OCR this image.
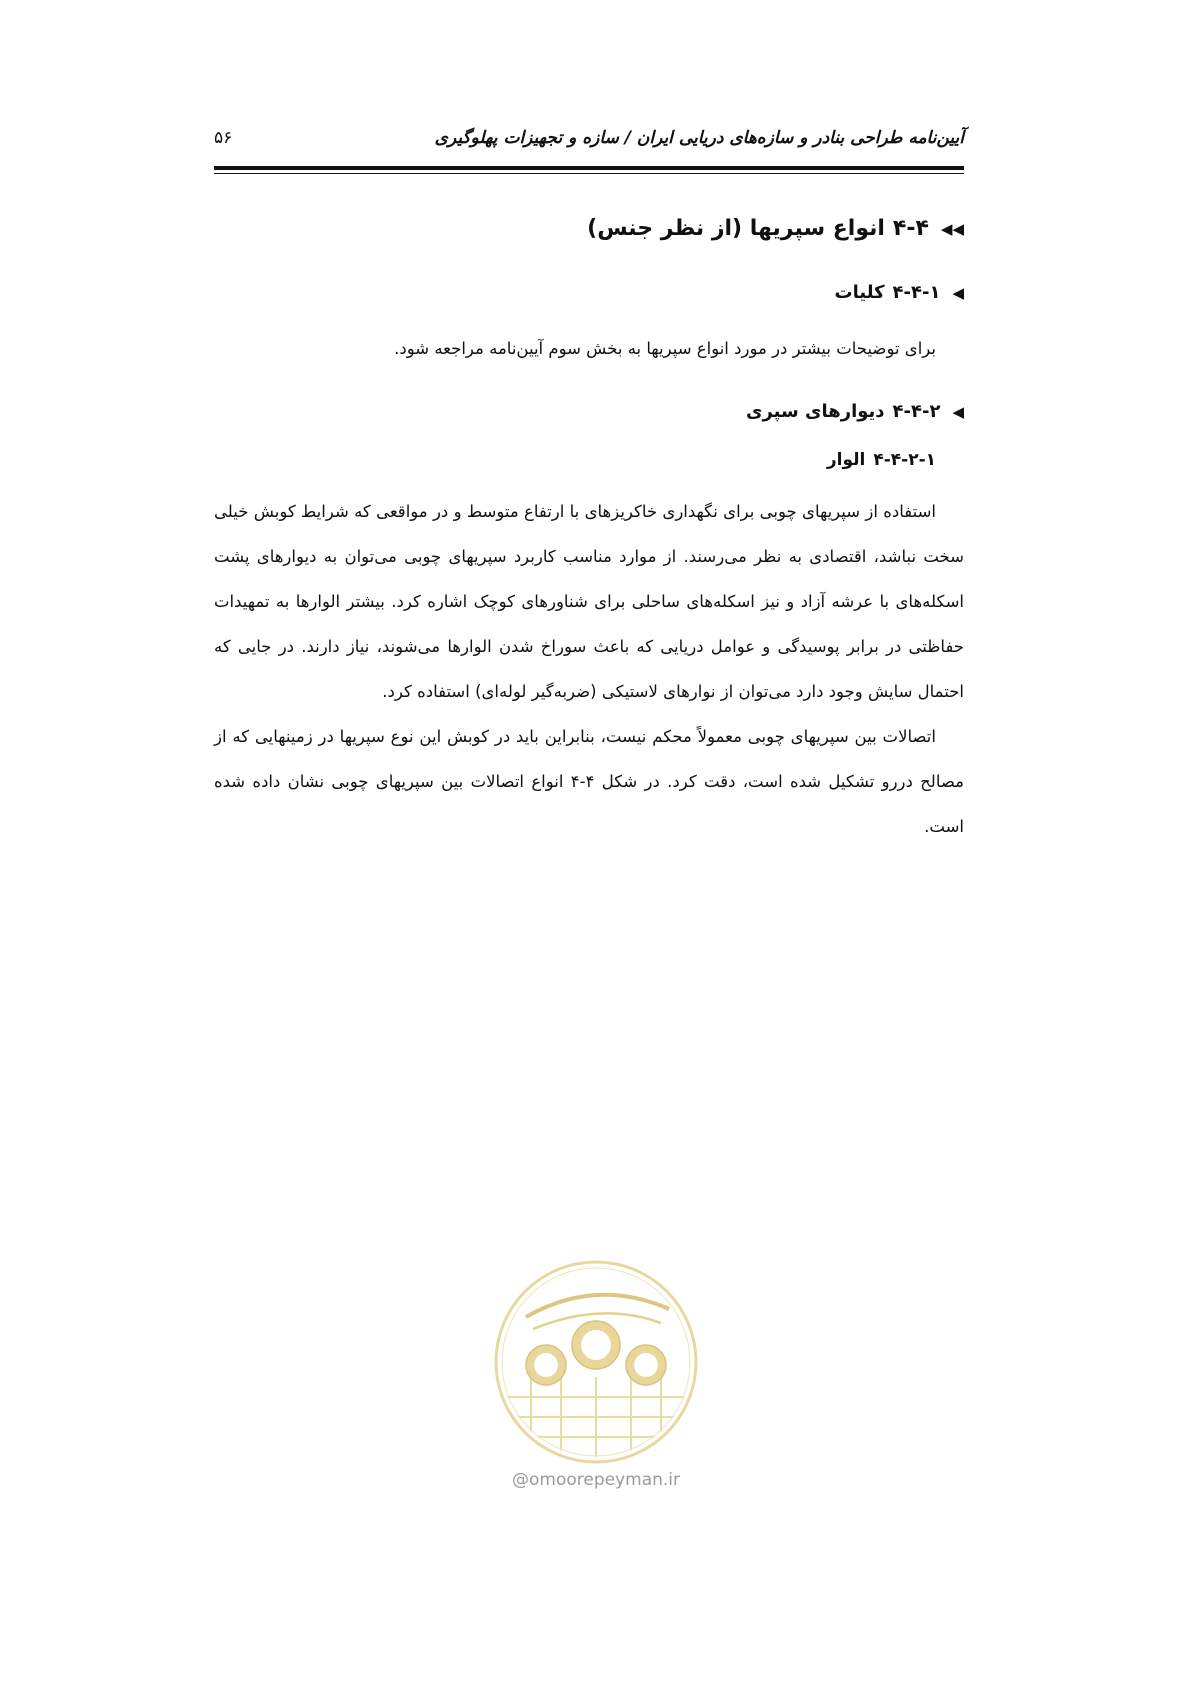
آیین‌نامه طراحی بنادر و سازه‌های دریایی ایران / سازه و تجهیزات پهلوگیری
۵۶
◀◀۴-۴انواع سپریها (از نظر جنس)
◀۴-۴-۱کلیات

برای توضیحات بیشتر در مورد انواع سپریها به بخش سوم آیین‌نامه مراجعه شود.

◀۴-۴-۲دیوارهای سپری
۴-۴-۲-۱الوار

استفاده از سپریهای چوبی برای نگهداری خاکریزهای با ارتفاع متوسط و در مواقعی که شرایط کوبش خیلی سخت نباشد، اقتصادی به نظر می‌رسند. از موارد مناسب کاربرد سپریهای چوبی می‌توان به دیوارهای پشت اسکله‌های با عرشه آزاد و نیز اسکله‌های ساحلی برای شناورهای کوچک اشاره کرد. بیشتر الوارها به تمهیدات حفاظتی در برابر پوسیدگی و عوامل دریایی که باعث سوراخ شدن الوارها می‌شوند، نیاز دارند. در جایی که احتمال سایش وجود دارد می‌توان از نوارهای لاستیکی (ضربه‌گیر لوله‌ای) استفاده کرد.

اتصالات بین سپریهای چوبی معمولاً محکم نیست، بنابراین باید در کوبش این نوع سپریها در زمینهایی که از مصالح دررو تشکیل شده است، دقت کرد. در شکل ۴-۴ انواع اتصالات بین سپریهای چوبی نشان داده شده است.

@omoorepeyman.ir
